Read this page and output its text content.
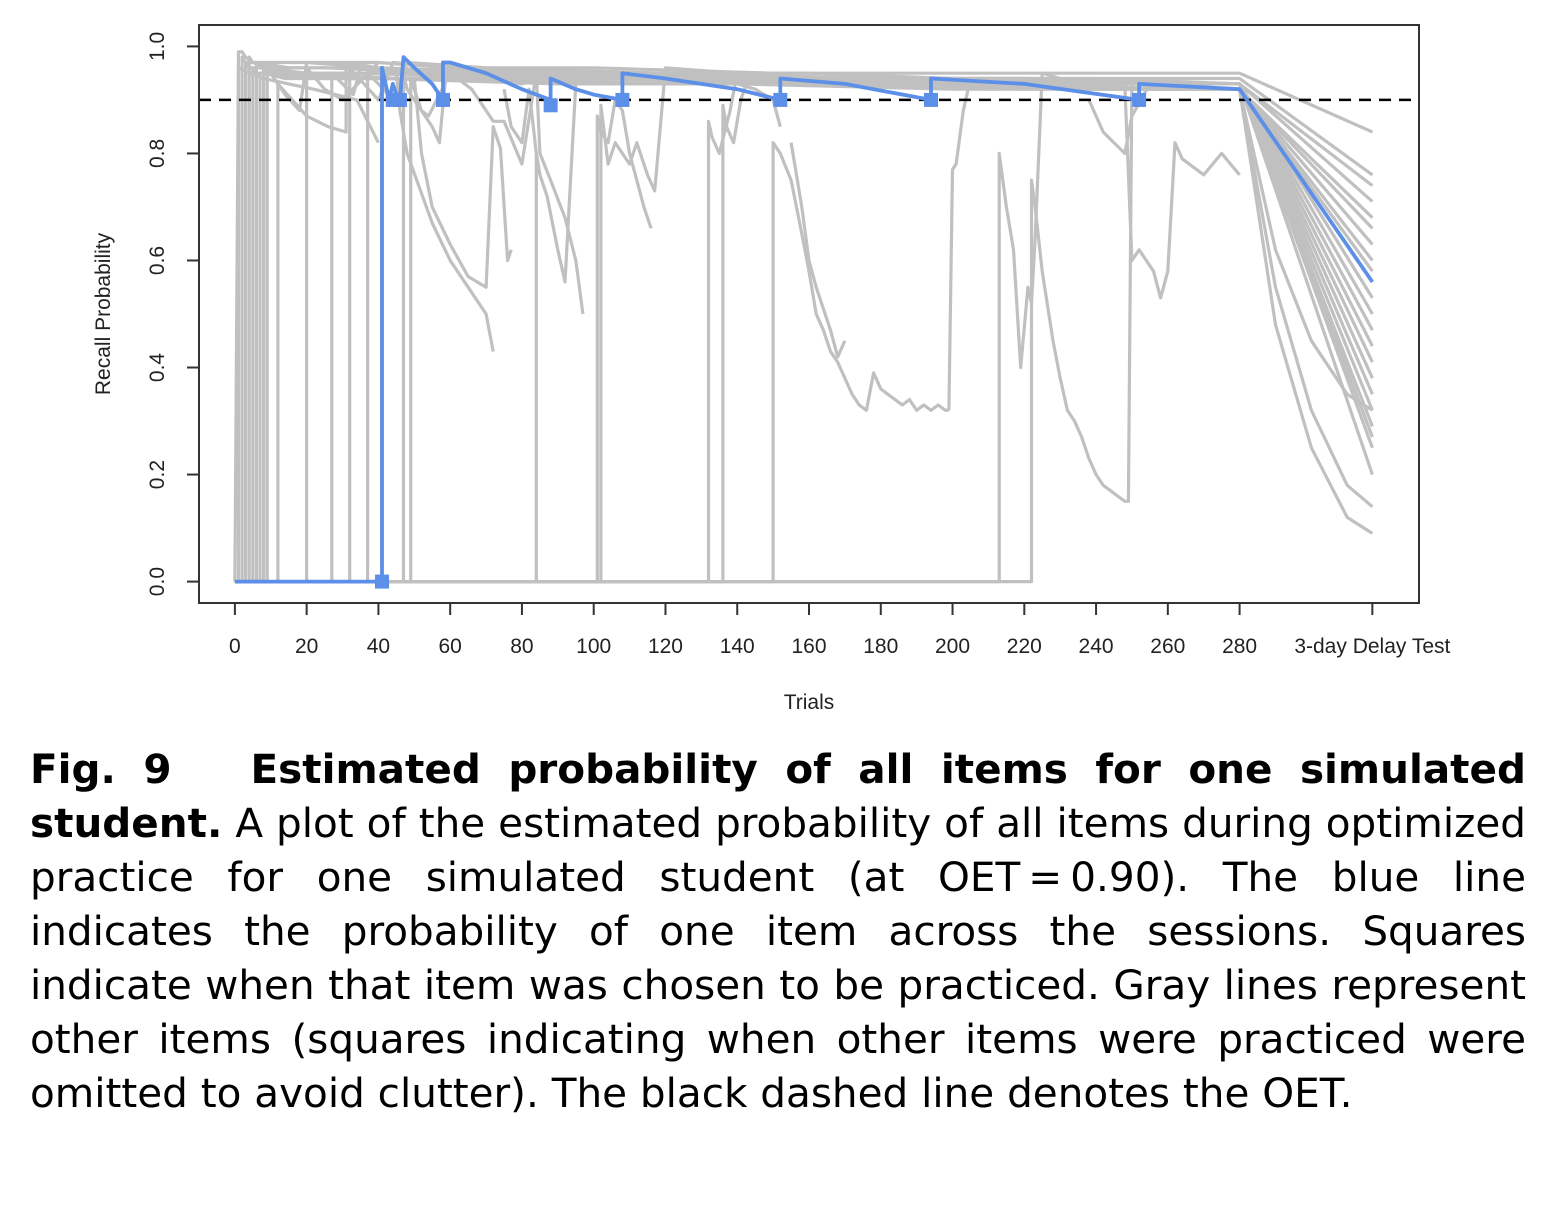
0	20 40 60 80 100 120 140 160 180 200 220 240 260 280 3-day Delay Test
0.0
0.2
0.4
0.6
0.8
1.0
Trials
Recall Probability

Fig. 9 Estimated probability of all items for one simulated student. A plot of the estimated probability of all items during optimized practice for one simulated student (at OET = 0.90). The blue line indicates the probability of one item across the sessions. Squares indicate when that item was chosen to be practiced. Gray lines represent other items (squares indicating when other items were practiced were omitted to avoid clutter). The black dashed line denotes the OET.
